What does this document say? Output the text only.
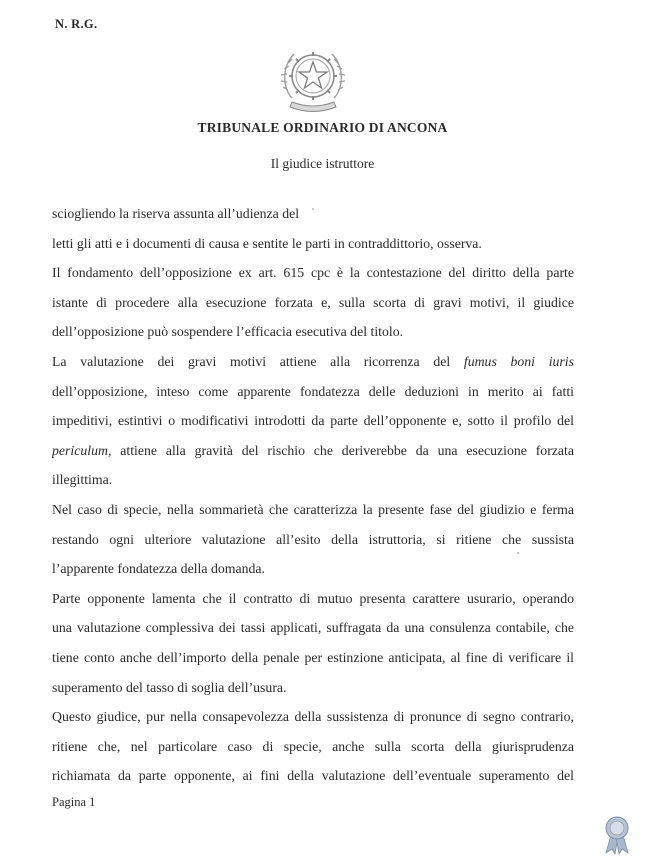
N. R.G.
TRIBUNALE ORDINARIO DI ANCONA
Il giudice istruttore
sciogliendo la riserva assunta all’udienza del
letti gli atti e i documenti di causa e sentite le parti in contraddittorio, osserva.
Il fondamento dell’opposizione ex art. 615 cpc è la contestazione del diritto della parte
istante di procedere alla esecuzione forzata e, sulla scorta di gravi motivi, il giudice
dell’opposizione può sospendere l’efficacia esecutiva del titolo.
La valutazione dei gravi motivi attiene alla ricorrenza del fumus boni iuris
dell’opposizione, inteso come apparente fondatezza delle deduzioni in merito ai fatti
impeditivi, estintivi o modificativi introdotti da parte dell’opponente e, sotto il profilo del
periculum, attiene alla gravità del rischio che deriverebbe da una esecuzione forzata
illegittima.
Nel caso di specie, nella sommarietà che caratterizza la presente fase del giudizio e ferma
restando ogni ulteriore valutazione all’esito della istruttoria, si ritiene che sussista
l’apparente fondatezza della domanda.
Parte opponente lamenta che il contratto di mutuo presenta carattere usurario, operando
una valutazione complessiva dei tassi applicati, suffragata da una consulenza contabile, che
tiene conto anche dell’importo della penale per estinzione anticipata, al fine di verificare il
superamento del tasso di soglia dell’usura.
Questo giudice, pur nella consapevolezza della sussistenza di pronunce di segno contrario,
ritiene che, nel particolare caso di specie, anche sulla scorta della giurisprudenza
richiamata da parte opponente, ai fini della valutazione dell’eventuale superamento del
Pagina 1
